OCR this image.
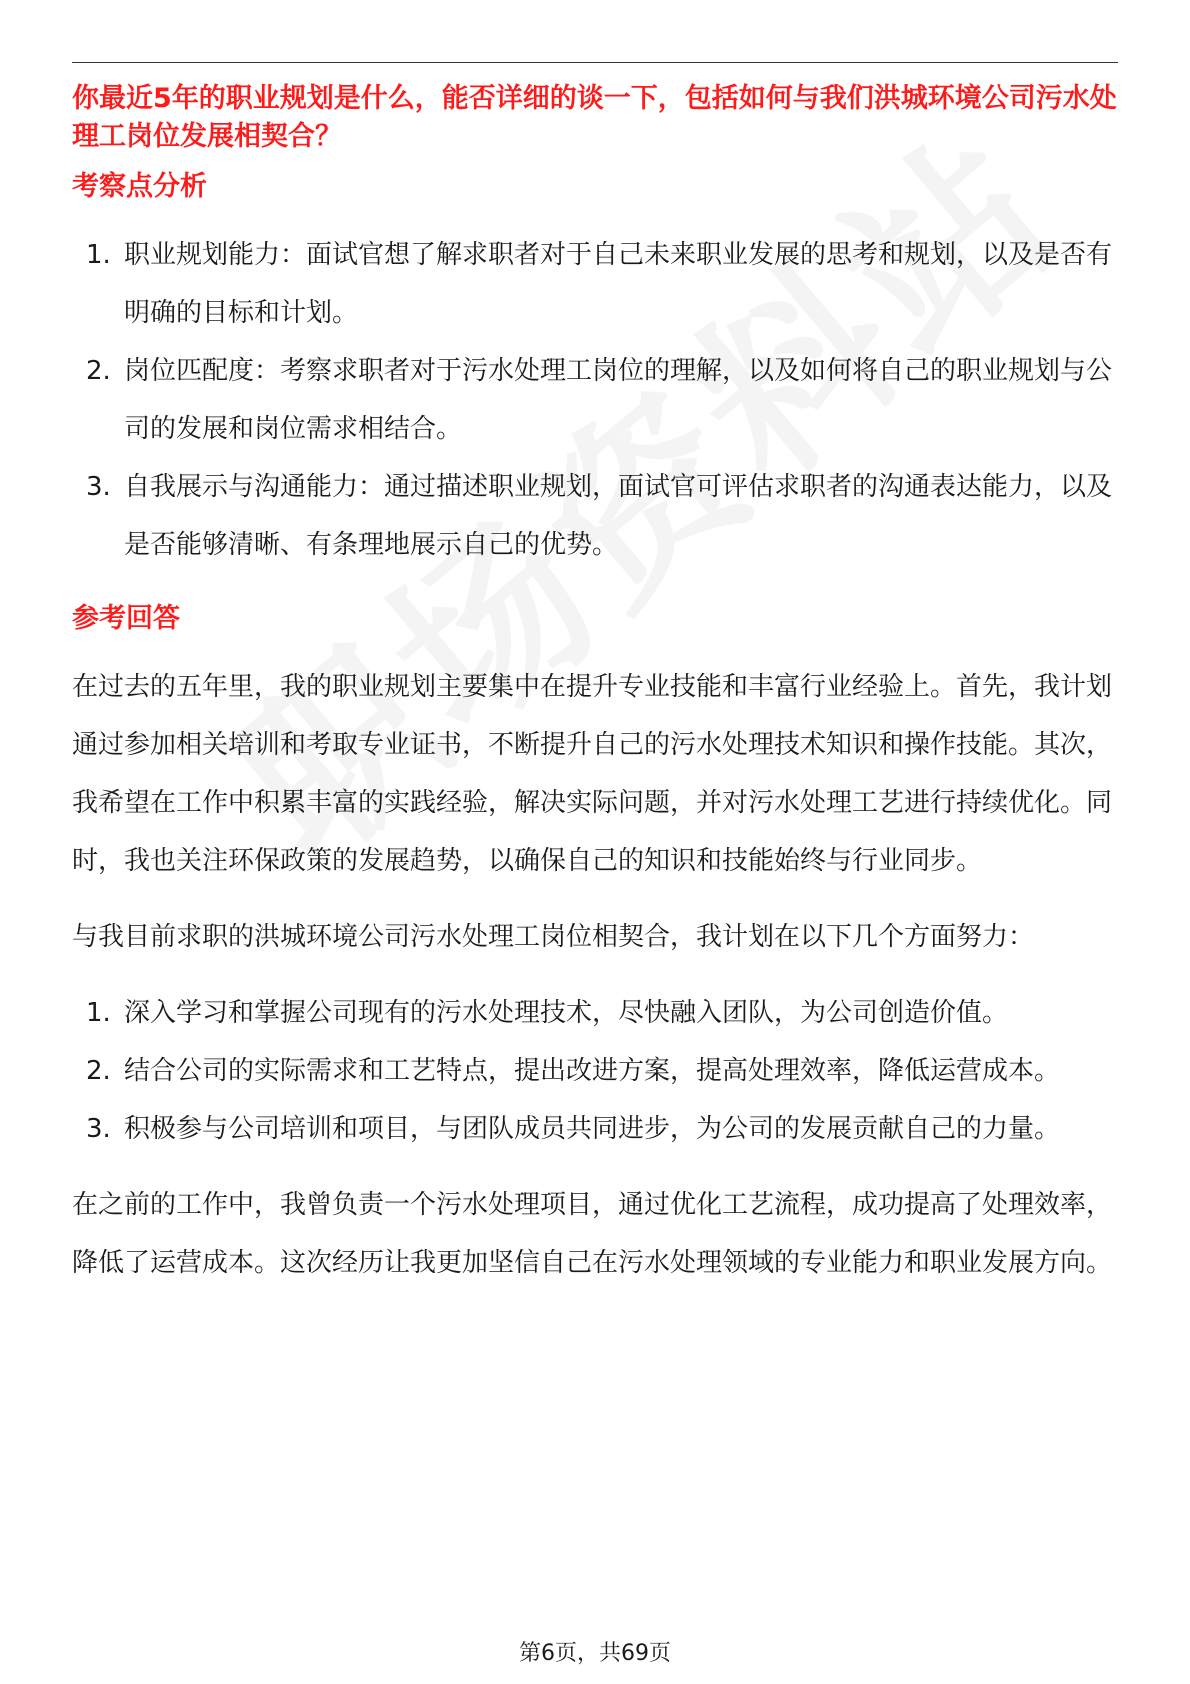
你最近5年的职业规划是什么，能否详细的谈一下，包括如何与我们洪城环境公司污水处理工岗位发展相契合？
考察点分析
1. 职业规划能力：面试官想了解求职者对于自己未来职业发展的思考和规划，以及是否有明确的目标和计划。
2. 岗位匹配度：考察求职者对于污水处理工岗位的理解，以及如何将自己的职业规划与公司的发展和岗位需求相结合。
3. 自我展示与沟通能力：通过描述职业规划，面试官可评估求职者的沟通表达能力，以及是否能够清晰、有条理地展示自己的优势。
参考回答

在过去的五年里，我的职业规划主要集中在提升专业技能和丰富行业经验上。首先，我计划通过参加相关培训和考取专业证书，不断提升自己的污水处理技术知识和操作技能。其次，我希望在工作中积累丰富的实践经验，解决实际问题，并对污水处理工艺进行持续优化。同时，我也关注环保政策的发展趋势，以确保自己的知识和技能始终与行业同步。

与我目前求职的洪城环境公司污水处理工岗位相契合，我计划在以下几个方面努力：

1. 深入学习和掌握公司现有的污水处理技术，尽快融入团队，为公司创造价值。
2. 结合公司的实际需求和工艺特点，提出改进方案，提高处理效率，降低运营成本。
3. 积极参与公司培训和项目，与团队成员共同进步，为公司的发展贡献自己的力量。

在之前的工作中，我曾负责一个污水处理项目，通过优化工艺流程，成功提高了处理效率，降低了运营成本。这次经历让我更加坚信自己在污水处理领域的专业能力和职业发展方向。

第6页，共69页
